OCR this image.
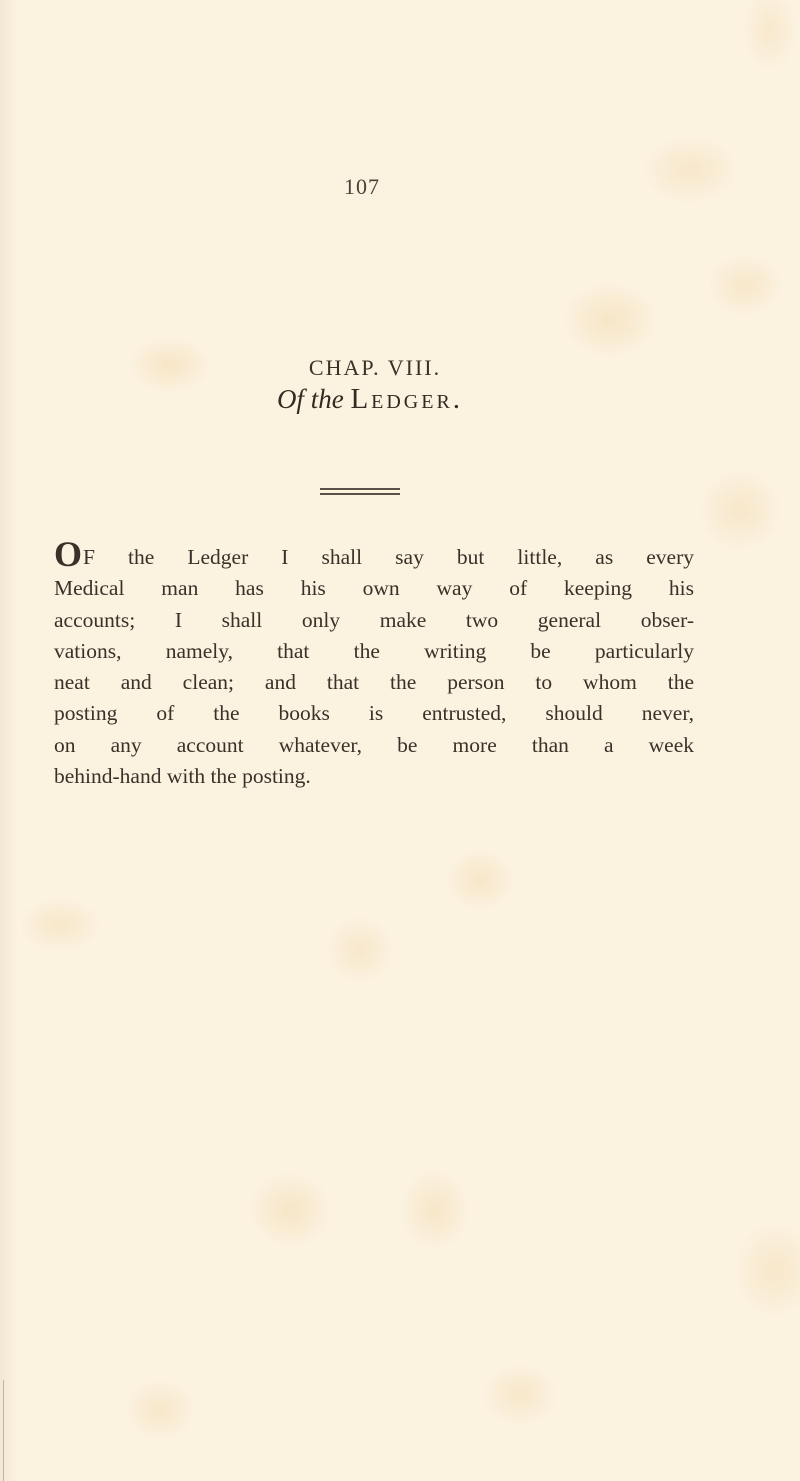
107
CHAP. VIII.
Of the Ledger.
OF the Ledger I shall say but little, as every
Medical man has his own way of keeping his
accounts; I shall only make two general obser-
vations, namely, that the writing be particularly
neat and clean; and that the person to whom the
posting of the books is entrusted, should never,
on any account whatever, be more than a week
behind-hand with the posting.
